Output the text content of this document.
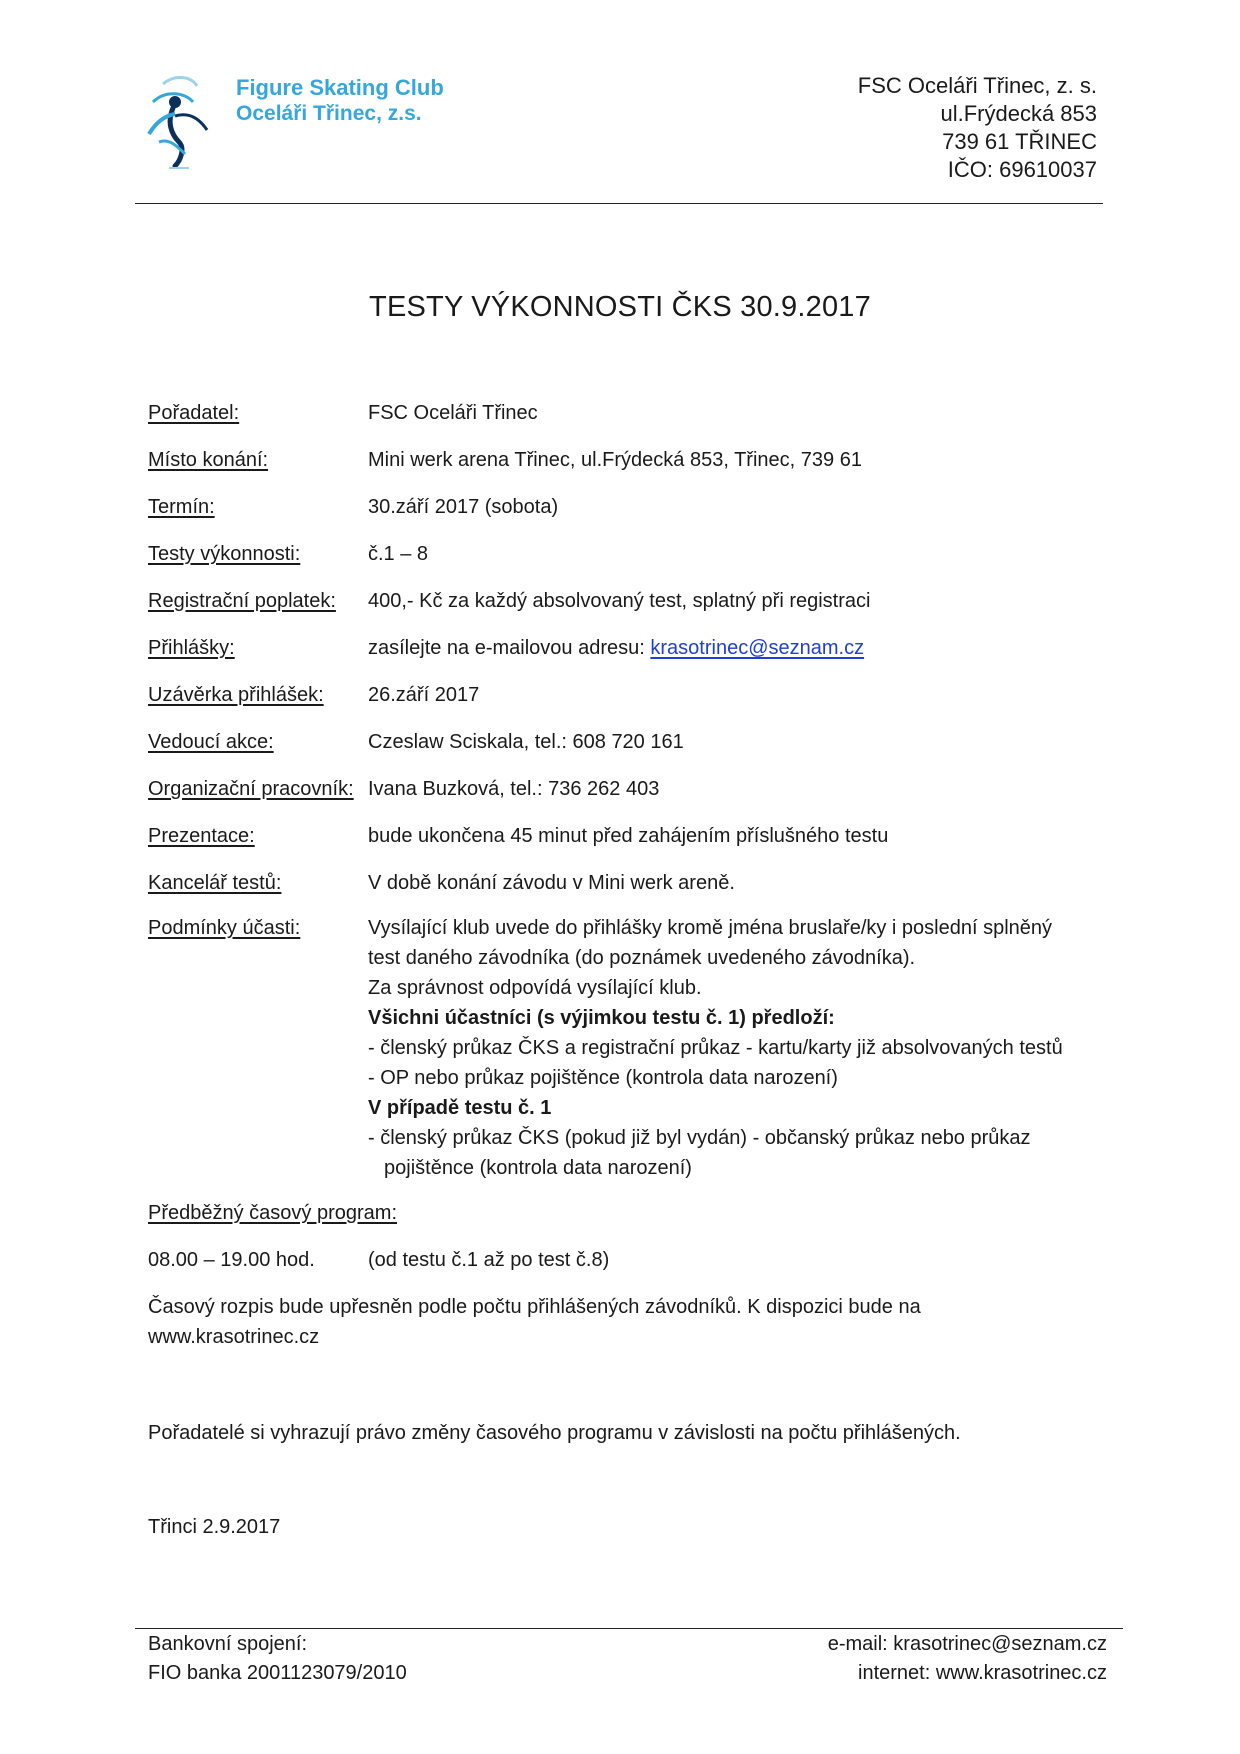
Figure Skating Club
Oceláři Třinec, z.s.
FSC Oceláři Třinec, z. s.
ul.Frýdecká 853
739 61 TŘINEC
IČO: 69610037
TESTY VÝKONNOSTI ČKS 30.9.2017
Pořadatel:	FSC Oceláři Třinec
Místo konání:	Mini werk arena Třinec, ul.Frýdecká 853, Třinec, 739 61
Termín:	30.září 2017 (sobota)
Testy výkonnosti:	č.1 – 8
Registrační poplatek: 400,- Kč za každý absolvovaný test, splatný při registraci
Přihlášky:	zasílejte na e-mailovou adresu: krasotrinec@seznam.cz
Uzávěrka přihlášek: 26.září 2017
Vedoucí akce:	Czeslaw Sciskala, tel.: 608 720 161
Organizační pracovník: Ivana Buzková, tel.: 736 262 403
Prezentace:	bude ukončena 45 minut před zahájením příslušného testu
Kancelář testů:	V době konání závodu v Mini werk areně.
Podmínky účasti:	Vysílající klub uvede do přihlášky kromě jména bruslaře/ky i poslední splněný
test daného závodníka (do poznámek uvedeného závodníka).
Za správnost odpovídá vysílající klub.
Všichni účastníci (s výjimkou testu č. 1) předloží:
- členský průkaz ČKS a registrační průkaz - kartu/karty již absolvovaných testů
- OP nebo průkaz pojištěnce (kontrola data narození)
V případě testu č. 1
- členský průkaz ČKS (pokud již byl vydán) - občanský průkaz nebo průkaz
pojištěnce (kontrola data narození)
Předběžný časový program:
08.00 – 19.00 hod.	(od testu č.1 až po test č.8)
Časový rozpis bude upřesněn podle počtu přihlášených závodníků. K dispozici bude na
www.krasotrinec.cz
Pořadatelé si vyhrazují právo změny časového programu v závislosti na počtu přihlášených.
Třinci 2.9.2017
Bankovní spojení:
FIO banka 2001123079/2010
e-mail: krasotrinec@seznam.cz
internet: www.krasotrinec.cz
